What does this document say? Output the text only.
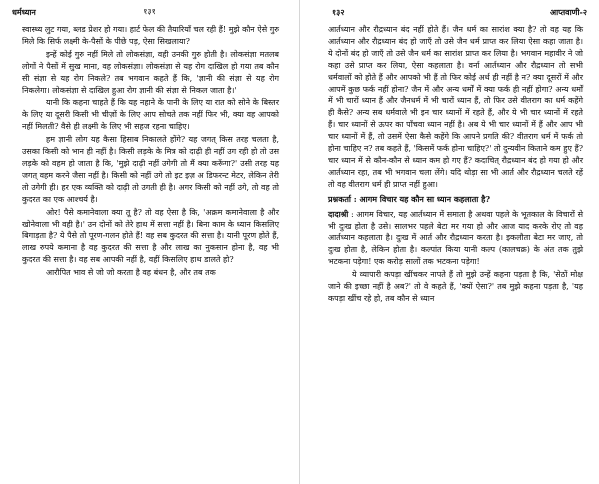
धर्मध्यान	१३१

स्वास्थ्य लुट गया, ब्लड प्रेशर हो गया। हार्ट फेल की तैयारियाँ चल रही हैं! मुझे कौन ऐसे गुरु मिले कि सिर्फ लक्ष्मी के-पैसों के पीछे पड़, ऐसा सिखलाया?

इन्हें कोई गुरु नहीं मिले तो लोकसंज्ञा, वही उनकी गुरु होती है। लोकसंज्ञा मतलब लोगों ने पैसों में सुख माना, वह लोकसंज्ञा। लोकसंज्ञा से यह रोग दाखिल हो गया तब कौन सी संज्ञा से यह रोग निकले? तब भगवान कहते हैं कि, 'ज्ञानी की संज्ञा से यह रोग निकलेगा। लोकसंज्ञा से दाखिल हुआ रोग ज्ञानी की संज्ञा से निकल जाता है।'

यानी कि कहना चाहते हैं कि यह नहाने के पानी के लिए या रात को सोने के बिस्तर के लिए या दूसरी किसी भी चीज़ों के लिए आप सोचते तक नहीं फिर भी, क्या वह आपको नहीं मिलती? वैसे ही लक्ष्मी के लिए भी सहज रहना चाहिए।

हम ज्ञानी लोग यह कैसा हिसाब निकालते होंगे? यह जगत् किस तरह चलता है, उसका किसी को भान ही नहीं है। किसी लड़के के मित्र को दाढ़ी ही नहीं उग रही हो तो उस लड़के को वहम हो जाता है कि, 'मुझे दाढ़ी नहीं उगेगी तो मैं क्या करूँगा?' उसी तरह यह जगत् वहम करने जैसा नहीं है। किसी को नहीं उगे तो इट इज़ अ डिफरन्ट मेटर, लेकिन तेरी तो उगेगी ही। हर एक व्यक्ति को दाढ़ी तो उगती ही है। अगर किसी को नहीं उगे, तो वह तो कुदरत का एक आश्चर्य है।

ओर! पैसे कमानेवाला क्या तू है? तो वह ऐसा है कि, 'अक्रम कमानेवाला है और खोनेवाला भी वही है।' उन दोनों को तेरे हाथ में सत्ता नहीं है। बिना काम के ध्यान किसलिए बिगाड़ता है? ये पैसे तो पूरण-गलन होते हैं! वह सब कुदरत की सत्ता है। यानी पूरण होते हैं, लाख रुपये कमाना है वह कुदरत की सत्ता है और लाख का नुकसान होना है, वह भी कुदरत की सत्ता है। वह सब आपकी नहीं है, वहीं किसलिए हाथ डालते हो?

आरौपित भाव से जो जो करता है वह बंधन है, और तब तक

१३२	आप्तवाणी-२

आर्तध्यान और रौद्रध्यान बंद नहीं होते हैं। जैन धर्म का सारांश क्या है? तो वह यह कि आर्तध्यान और रौद्रध्यान बंद हो जाएँ तो उसे जैन धर्म प्राप्त कर लिया ऐसा कहा जाता है। ये दोनों बंद हो जाएँ तो उसे जैन धर्म का सारांश प्राप्त कर लिया है। भगवान महावीर ने जो कहा उसे प्राप्त कर लिया, ऐसा कहलाता है। वर्ना आर्तध्यान और रौद्रध्यान तो सभी धर्मवालों को होते हैं और आपको भी हैं तो फिर कोई अर्थ ही नहीं है न? क्या दूसरों में और आपमें कुछ फर्क नहीं होना? जैन में और अन्य धर्मों में क्या फर्क ही नहीं होगा? अन्य धर्मों में भी चारों ध्यान हैं और जैनधर्म में भी चारों ध्यान हैं, तो फिर उसे वीतराग का धर्म कहेंगे ही कैसे? अन्य सब धर्मवाले भी इन चार ध्यानों में रहते हैं, और ये भी चार ध्यानों में रहते हैं। चार ध्यानों से ऊपर का पाँचवा ध्यान नहीं है। अब ये भी चार ध्यानों में हैं और आप भी चार ध्यानों में हैं, तो उसमें ऐसा कैसे कहेंगे कि आपने प्रगति की? वीतराग धर्म में फर्क तो होना चाहिए न? तब कहते हैं, 'किसमें फर्क होना चाहिए?' तो दुन्यवीन किताने कम हुए हैं? चार ध्यान में से कौन-कौन से ध्यान कम हो गए हैं? कदाचित् रौद्रध्यान बंद हो गया हो और आर्तध्यान रहा, तब भी भगवान चला लेंगे। यदि थोड़ा सा भी आर्त और रौद्रध्यान चलते रहें तो वह वीतराग धर्म ही प्राप्त नहीं हुआ।

प्रश्नकर्ता : आगम विचार यह कौन सा ध्यान कहलाता है?

दादाश्री : आगम विचार, यह आर्तध्यान में समाता है अथवा पहले के भूतकाल के विचारों से भी दुःख होता है उसे। सालभर पहले बेटा मर गया हो और आज याद करके रोए तो वह आर्तध्यान कहलाता है। दुःख में आर्त और रौद्रध्यान करता है। इकलौता बेटा मर जाए, तो दुःख होता है, लेकिन होता है। कल्पांत किया यानी कल्प (कालचक्र) के अंत तक तुझे भटकना पड़ेगा! एक करोड़ सालों तक भटकना पड़ेगा!

ये व्यापारी कपड़ा खींचकर नापते हैं तो मुझे उन्हें कहना पड़ता है कि, 'सेठों मोक्ष जाने की इच्छा नहीं है अब?' तो वे कहते हैं, 'क्यों ऐसा?' तब मुझे कहना पड़ता है, 'यह कपड़ा खींच रहे हो, तब कौन से ध्यान
